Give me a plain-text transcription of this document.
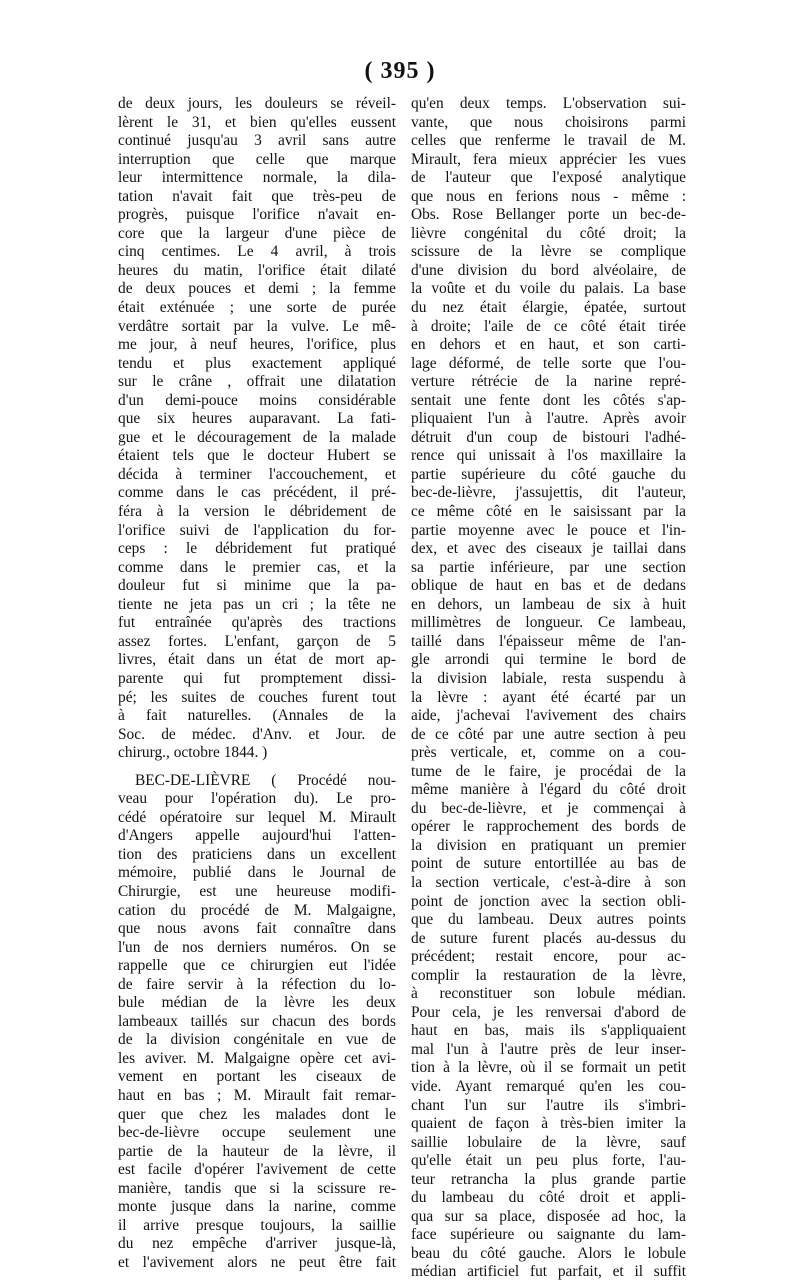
( 395 )
de deux jours, les douleurs se réveil-
lèrent le 31, et bien qu'elles eussent
continué jusqu'au 3 avril sans autre
interruption que celle que marque
leur intermittence normale, la dila-
tation n'avait fait que très-peu de
progrès, puisque l'orifice n'avait en-
core que la largeur d'une pièce de
cinq centimes. Le 4 avril, à trois
heures du matin, l'orifice était dilaté
de deux pouces et demi ; la femme
était exténuée ; une sorte de purée
verdâtre sortait par la vulve. Le mê-
me jour, à neuf heures, l'orifice, plus
tendu et plus exactement appliqué
sur le crâne , offrait une dilatation
d'un demi-pouce moins considérable
que six heures auparavant. La fati-
gue et le découragement de la malade
étaient tels que le docteur Hubert se
décida à terminer l'accouchement, et
comme dans le cas précédent, il pré-
féra à la version le débridement de
l'orifice suivi de l'application du for-
ceps : le débridement fut pratiqué
comme dans le premier cas, et la
douleur fut si minime que la pa-
tiente ne jeta pas un cri ; la tête ne
fut entraînée qu'après des tractions
assez fortes. L'enfant, garçon de 5
livres, était dans un état de mort ap-
parente qui fut promptement dissi-
pé; les suites de couches furent tout
à fait naturelles. (Annales de la
Soc. de médec. d'Anv. et Jour. de
chirurg., octobre 1844. )
BEC-DE-LIÈVRE ( Procédé nou-
veau pour l'opération du). Le pro-
cédé opératoire sur lequel M. Mirault
d'Angers appelle aujourd'hui l'atten-
tion des praticiens dans un excellent
mémoire, publié dans le Journal de
Chirurgie, est une heureuse modifi-
cation du procédé de M. Malgaigne,
que nous avons fait connaître dans
l'un de nos derniers numéros. On se
rappelle que ce chirurgien eut l'idée
de faire servir à la réfection du lo-
bule médian de la lèvre les deux
lambeaux taillés sur chacun des bords
de la division congénitale en vue de
les aviver. M. Malgaigne opère cet avi-
vement en portant les ciseaux de
haut en bas ; M. Mirault fait remar-
quer que chez les malades dont le
bec-de-lièvre occupe seulement une
partie de la hauteur de la lèvre, il
est facile d'opérer l'avivement de cette
manière, tandis que si la scissure re-
monte jusque dans la narine, comme
il arrive presque toujours, la saillie
du nez empêche d'arriver jusque-là,
et l'avivement alors ne peut être fait
qu'en deux temps. L'observation sui-
vante, que nous choisirons parmi
celles que renferme le travail de M.
Mirault, fera mieux apprécier les vues
de l'auteur que l'exposé analytique
que nous en ferions nous - même :
Obs. Rose Bellanger porte un bec-de-
lièvre congénital du côté droit; la
scissure de la lèvre se complique
d'une division du bord alvéolaire, de
la voûte et du voile du palais. La base
du nez était élargie, épatée, surtout
à droite; l'aile de ce côté était tirée
en dehors et en haut, et son carti-
lage déformé, de telle sorte que l'ou-
verture rétrécie de la narine repré-
sentait une fente dont les côtés s'ap-
pliquaient l'un à l'autre. Après avoir
détruit d'un coup de bistouri l'adhé-
rence qui unissait à l'os maxillaire la
partie supérieure du côté gauche du
bec-de-lièvre, j'assujettis, dit l'auteur,
ce même côté en le saisissant par la
partie moyenne avec le pouce et l'in-
dex, et avec des ciseaux je taillai dans
sa partie inférieure, par une section
oblique de haut en bas et de dedans
en dehors, un lambeau de six à huit
millimètres de longueur. Ce lambeau,
taillé dans l'épaisseur même de l'an-
gle arrondi qui termine le bord de
la division labiale, resta suspendu à
la lèvre : ayant été écarté par un
aide, j'achevai l'avivement des chairs
de ce côté par une autre section à peu
près verticale, et, comme on a cou-
tume de le faire, je procédai de la
même manière à l'égard du côté droit
du bec-de-lièvre, et je commençai à
opérer le rapprochement des bords de
la division en pratiquant un premier
point de suture entortillée au bas de
la section verticale, c'est-à-dire à son
point de jonction avec la section obli-
que du lambeau. Deux autres points
de suture furent placés au-dessus du
précédent; restait encore, pour ac-
complir la restauration de la lèvre,
à reconstituer son lobule médian.
Pour cela, je les renversai d'abord de
haut en bas, mais ils s'appliquaient
mal l'un à l'autre près de leur inser-
tion à la lèvre, où il se formait un petit
vide. Ayant remarqué qu'en les cou-
chant l'un sur l'autre ils s'imbri-
quaient de façon à très-bien imiter la
saillie lobulaire de la lèvre, sauf
qu'elle était un peu plus forte, l'au-
teur retrancha la plus grande partie
du lambeau du côté droit et appli-
qua sur sa place, disposée ad hoc, la
face supérieure ou saignante du lam-
beau du côté gauche. Alors le lobule
médian artificiel fut parfait, et il suffit
